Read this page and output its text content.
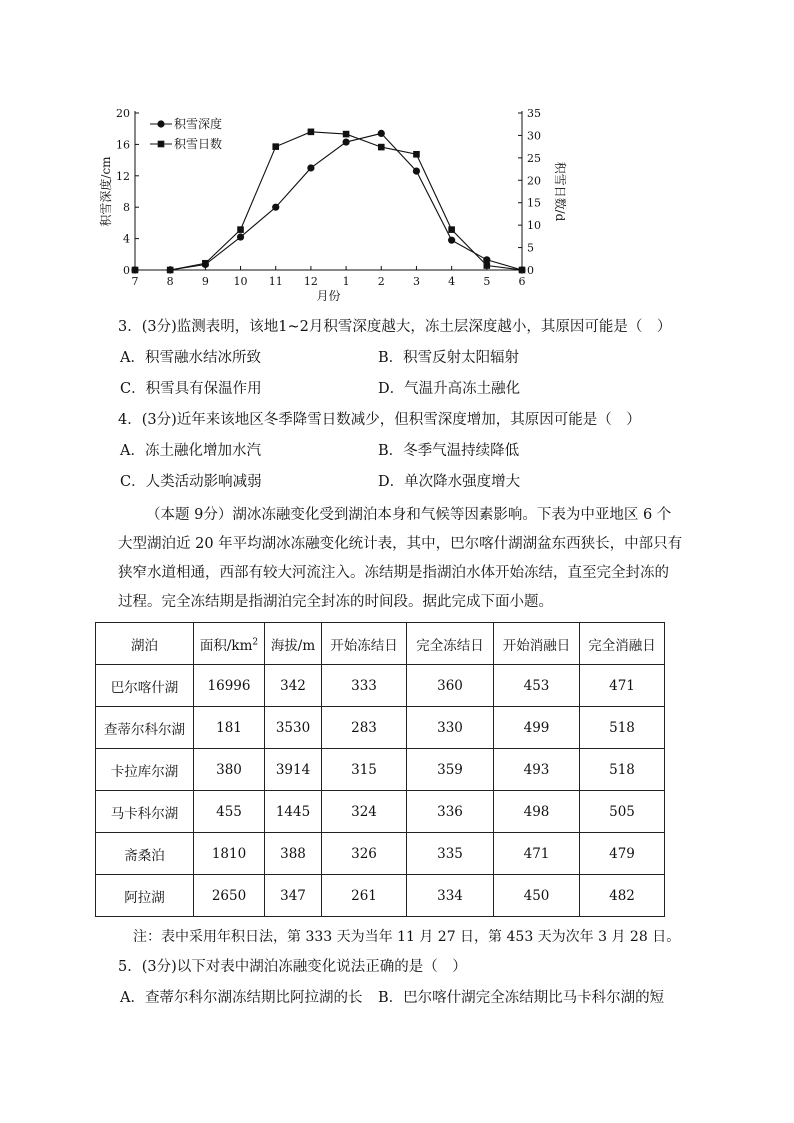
0
4
8
12
16
20
0
5
10
15
20
25
30
35
7	8	9 10 11 12 1	2	3	4	5	6
月份
积雪深度/cm	积雪日数/d
积雪深度
积雪日数
3．(3分)监测表明，该地1~2月积雪深度越大，冻土层深度越小，其原因可能是（　）
A．积雪融水结冰所致	B．积雪反射太阳辐射
C．积雪具有保温作用	D．气温升高冻土融化
4．(3分)近年来该地区冬季降雪日数减少，但积雪深度增加，其原因可能是（　）
A．冻土融化增加水汽	B．冬季气温持续降低
C．人类活动影响减弱	D．单次降水强度增大
（本题 9分）湖冰冻融变化受到湖泊本身和气候等因素影响。下表为中亚地区 6 个大型湖泊近 20 年平均湖冰冻融变化统计表，其中，巴尔喀什湖湖盆东西狭长，中部只有狭窄水道相通，西部有较大河流注入。冻结期是指湖泊水体开始冻结，直至完全封冻的过程。完全冻结期是指湖泊完全封冻的时间段。据此完成下面小题。
湖泊	面积$/km^2$	海拔/m	开始冻结日	完全冻结日	开始消融日	完全消融日
巴尔喀什湖	16996	342	333	360	453	471
查蒂尔科尔湖	181	3530	283	330	499	518
卡拉库尔湖	380	3914	315	359	493	518
马卡科尔湖	455	1445	324	336	498	505
斋桑泊	1810	388	326	335	471	479
阿拉湖	2650	347	261	334	450	482
注：表中采用年积日法，第 333 天为当年 11 月 27 日，第 453 天为次年 3 月 28 日。
5．(3分)以下对表中湖泊冻融变化说法正确的是（　）
A．查蒂尔科尔湖冻结期比阿拉湖的长 B．巴尔喀什湖完全冻结期比马卡科尔湖的短
